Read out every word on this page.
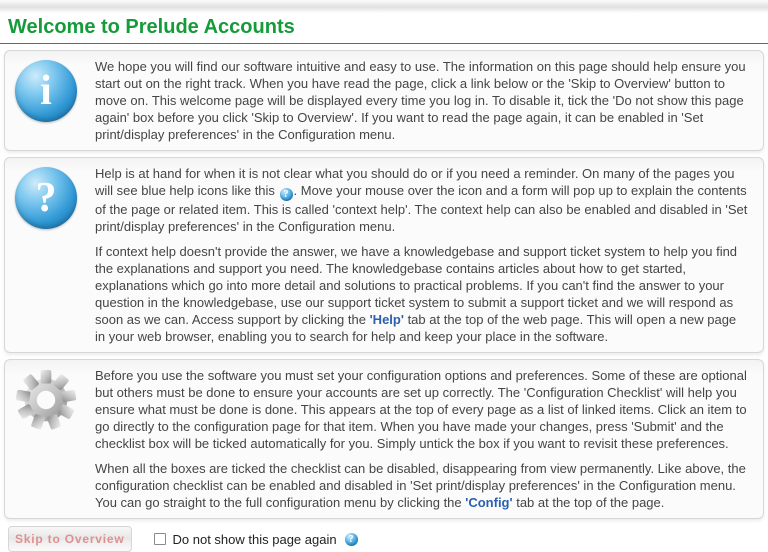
Welcome to Prelude Accounts
i

We hope you will find our software intuitive and easy to use. The information on this page should help ensure you start out on the right track. When you have read the page, click a link below or the 'Skip to Overview' button to move on. This welcome page will be displayed every time you log in. To disable it, tick the 'Do not show this page again' box before you click 'Skip to Overview'. If you want to read the page again, it can be enabled in 'Set print/display preferences' in the Configuration menu.

?

Help is at hand for when it is not clear what you should do or if you need a reminder. On many of the pages you will see blue help icons like this ? . Move your mouse over the icon and a form will pop up to explain the contents of the page or related item. This is called 'context help'. The context help can also be enabled and disabled in 'Set print/display preferences' in the Configuration menu.

If context help doesn't provide the answer, we have a knowledgebase and support ticket system to help you find the explanations and support you need. The knowledgebase contains articles about how to get started, explanations which go into more detail and solutions to practical problems. If you can't find the answer to your question in the knowledgebase, use our support ticket system to submit a support ticket and we will respond as soon as we can. Access support by clicking the 'Help' tab at the top of the web page. This will open a new page in your web browser, enabling you to search for help and keep your place in the software.

Before you use the software you must set your configuration options and preferences. Some of these are optional but others must be done to ensure your accounts are set up correctly. The 'Configuration Checklist' will help you ensure what must be done is done. This appears at the top of every page as a list of linked items. Click an item to go directly to the configuration page for that item. When you have made your changes, press 'Submit' and the checklist box will be ticked automatically for you. Simply untick the box if you want to revisit these preferences.

When all the boxes are ticked the checklist can be disabled, disappearing from view permanently. Like above, the configuration checklist can be enabled and disabled in 'Set print/display preferences' in the Configuration menu. You can go straight to the full configuration menu by clicking the 'Config' tab at the top of the page.

Skip to Overview	Do not show this page again	?
